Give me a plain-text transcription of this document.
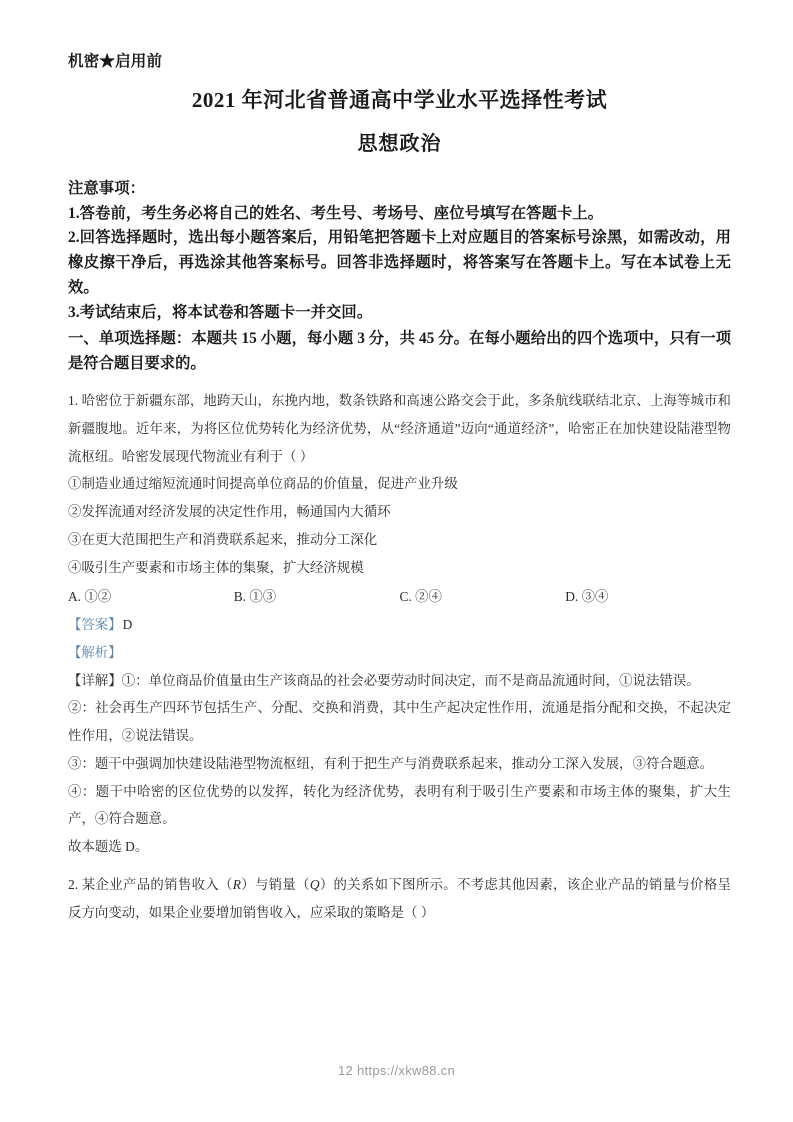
机密★启用前

2021 年河北省普通高中学业水平选择性考试
思想政治

注意事项：

1.答卷前，考生务必将自己的姓名、考生号、考场号、座位号填写在答题卡上。

2.回答选择题时，选出每小题答案后，用铅笔把答题卡上对应题目的答案标号涂黑，如需改动，用橡皮擦干净后，再选涂其他答案标号。回答非选择题时，将答案写在答题卡上。写在本试卷上无效。

3.考试结束后，将本试卷和答题卡一并交回。

一、单项选择题：本题共 15 小题，每小题 3 分，共 45 分。在每小题给出的四个选项中，只有一项是符合题目要求的。

1. 哈密位于新疆东部，地跨天山，东挽内地，数条铁路和高速公路交会于此，多条航线联结北京、上海等城市和新疆腹地。近年来，为将区位优势转化为经济优势，从“经济通道”迈向“通道经济”，哈密正在加快建设陆港型物流枢纽。哈密发展现代物流业有利于（ ）

①制造业通过缩短流通时间提高单位商品的价值量，促进产业升级

②发挥流通对经济发展的决定性作用，畅通国内大循环

③在更大范围把生产和消费联系起来，推动分工深化

④吸引生产要素和市场主体的集聚，扩大经济规模

A. ①②	B. ①③	C. ②④	D. ③④

【答案】D

【解析】

【详解】①：单位商品价值量由生产该商品的社会必要劳动时间决定，而不是商品流通时间，①说法错误。

②：社会再生产四环节包括生产、分配、交换和消费，其中生产起决定性作用，流通是指分配和交换，不起决定性作用，②说法错误。

③：题干中强调加快建设陆港型物流枢纽，有利于把生产与消费联系起来，推动分工深入发展，③符合题意。

④：题干中哈密的区位优势的以发挥，转化为经济优势，表明有利于吸引生产要素和市场主体的聚集，扩大生产，④符合题意。

故本题选 D。

2. 某企业产品的销售收入（R）与销量（Q）的关系如下图所示。不考虑其他因素，该企业产品的销量与价格呈反方向变动，如果企业要增加销售收入，应采取的策略是（ ）

12 https://xkw88.cn
